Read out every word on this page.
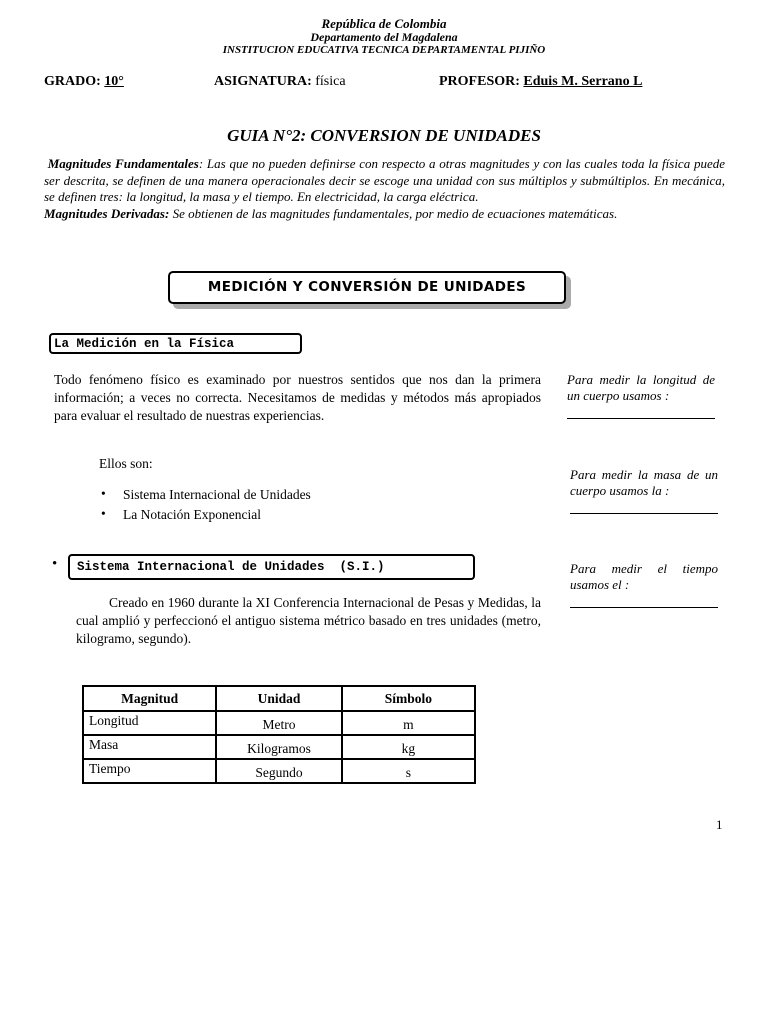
República de Colombia
Departamento del Magdalena
INSTITUCION EDUCATIVA TECNICA DEPARTAMENTAL PIJIÑO
GRADO: 10°	ASIGNATURA: física	PROFESOR: Eduis M. Serrano L
GUIA N°2: CONVERSION DE UNIDADES
Magnitudes Fundamentales: Las que no pueden definirse con respecto a otras magnitudes y con las cuales toda la física puede ser descrita, se definen de una manera operacionales decir se escoge una unidad con sus múltiplos y submúltiplos. En mecánica, se definen tres: la longitud, la masa y el tiempo. En electricidad, la carga eléctrica.
Magnitudes Derivadas: Se obtienen de las magnitudes fundamentales, por medio de ecuaciones matemáticas.
MEDICIÓN Y CONVERSIÓN DE UNIDADES
La Medición en la Física
Todo fenómeno físico es examinado por nuestros sentidos que nos dan la primera información; a veces no correcta. Necesitamos de medidas y métodos más apropiados para evaluar el resultado de nuestras experiencias.
Ellos son:
• Sistema Internacional de Unidades
• La Notación Exponencial
•	Sistema Internacional de Unidades  (S.I.)
Creado en 1960 durante la XI Conferencia Internacional de Pesas y Medidas, la cual amplió y perfeccionó el antiguo sistema métrico basado en tres unidades (metro, kilogramo, segundo).
Para medir la longitud de un cuerpo usamos :
Para medir la masa de un cuerpo usamos la :
Para medir el tiempo usamos el :
Magnitud	Unidad	Símbolo
Longitud	Metro	m
Masa	Kilogramos	kg
Tiempo	Segundo	s
1
